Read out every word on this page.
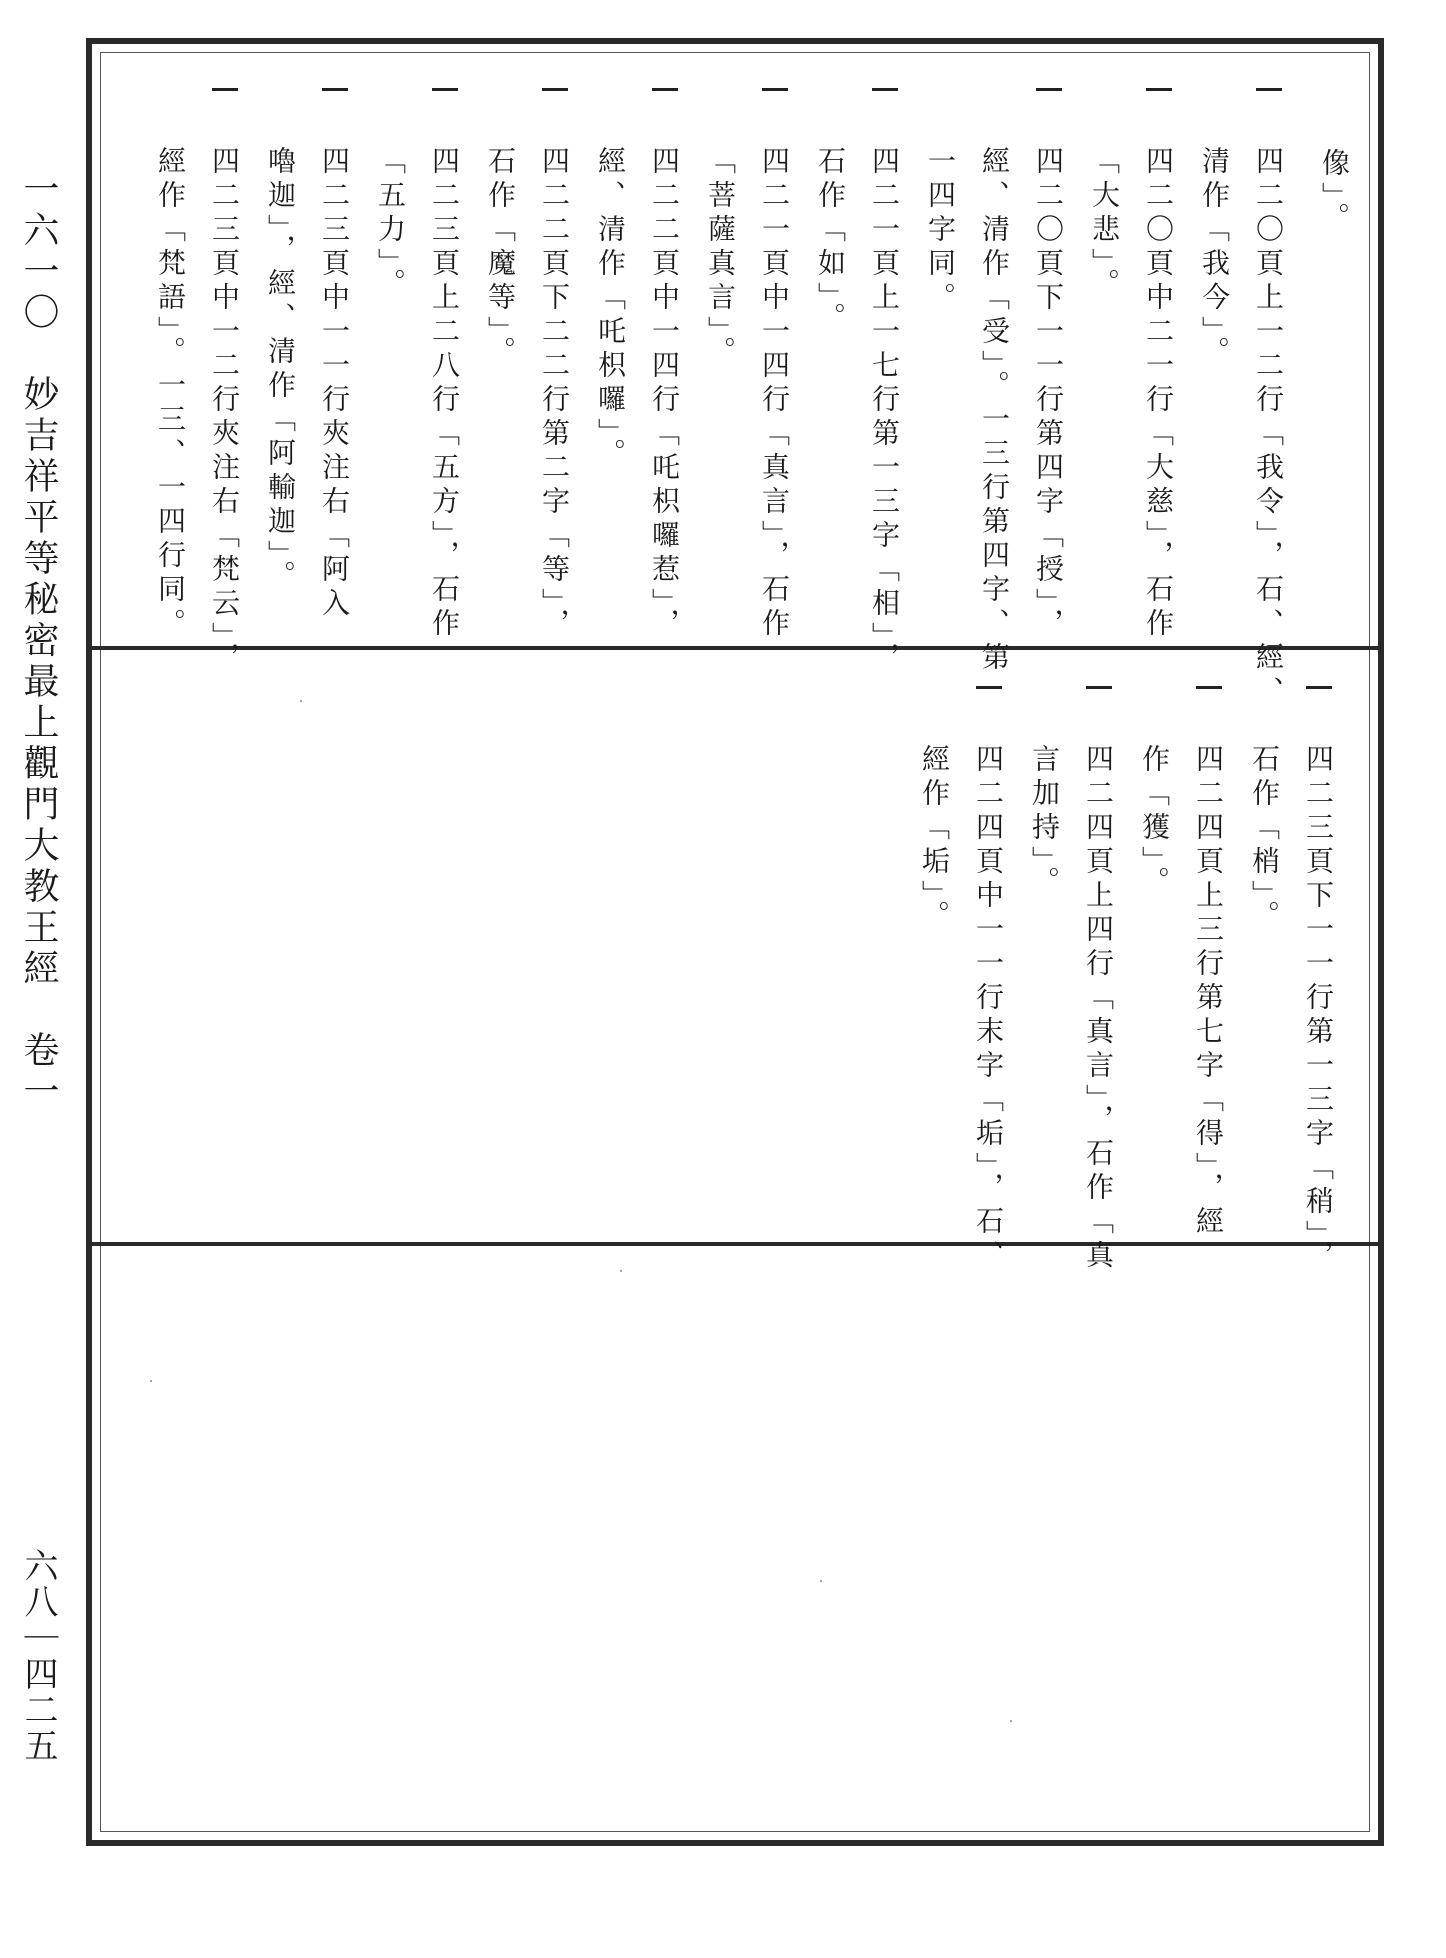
一六一〇　妙吉祥平等秘密最上觀門大教王經　卷一
六八｜四二五
像」。
四二〇頁上一二行「我令」，石、經、
清作「我今」。
四二〇頁中二一行「大慈」，石作
「大悲」。
四二〇頁下一一行第四字「授」，
經、清作「受」。一三行第四字、第
一四字同。
四二一頁上一七行第一三字「相」，
石作「如」。
四二一頁中一四行「真言」，石作
「菩薩真言」。
四二二頁中一四行「吒枳囉惹」，
經、清作「吒枳囉」。
四二二頁下二二行第二字「等」，
石作「魔等」。
四二三頁上二八行「五方」，石作
「五力」。
四二三頁中一一行夾注右「阿入
嚕迦」，經、清作「阿輸迦」。
四二三頁中一二行夾注右「梵云」，
經作「梵語」。一三、一四行同。
四二三頁下一一行第一三字「稍」，
石作「梢」。
四二四頁上三行第七字「得」，經
作「獲」。
四二四頁上四行「真言」，石作「真
言加持」。
四二四頁中一一行末字「垢」，石、
經作「垢」。
